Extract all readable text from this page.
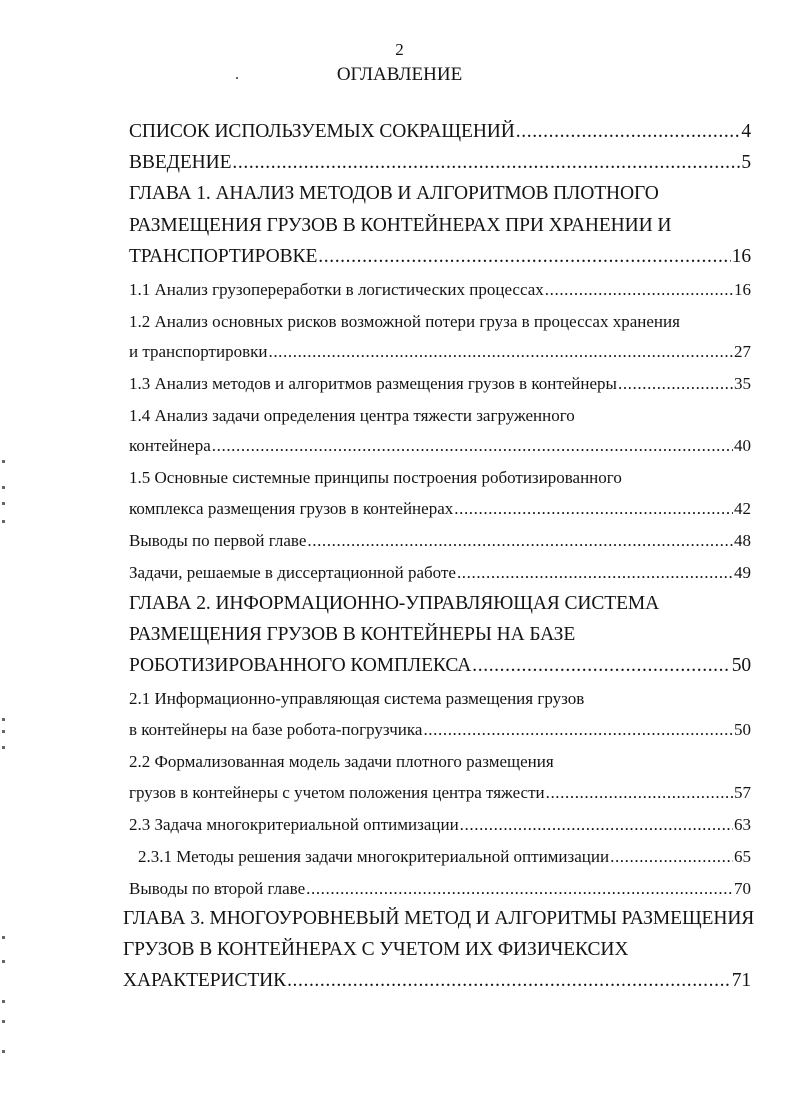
2
ОГЛАВЛЕНИЕ
СПИСОК ИСПОЛЬЗУЕМЫХ СОКРАЩЕНИЙ .....	4
ВВЕДЕНИЕ .....	5
ГЛАВА 1. АНАЛИЗ МЕТОДОВ И АЛГОРИТМОВ ПЛОТНОГО
РАЗМЕЩЕНИЯ ГРУЗОВ В КОНТЕЙНЕРАХ ПРИ ХРАНЕНИИ И
ТРАНСПОРТИРОВКЕ .....	16
1.1 Анализ грузопереработки в логистических процессах .....	16
1.2 Анализ основных рисков возможной потери груза в процессах хранения
и транспортировки .....	27
1.3 Анализ методов и алгоритмов размещения грузов в контейнеры .....	35
1.4 Анализ задачи определения центра тяжести загруженного
контейнера .....	40
1.5 Основные системные принципы построения роботизированного
комплекса размещения грузов в контейнерах .....	42
Выводы по первой главе .....	48
Задачи, решаемые в диссертационной работе .....	49
ГЛАВА 2. ИНФОРМАЦИОННО-УПРАВЛЯЮЩАЯ СИСТЕМА
РАЗМЕЩЕНИЯ ГРУЗОВ В КОНТЕЙНЕРЫ НА БАЗЕ
РОБОТИЗИРОВАННОГО КОМПЛЕКСА .....	50
2.1 Информационно-управляющая система размещения грузов
в контейнеры на базе робота-погрузчика .....	50
2.2 Формализованная модель задачи плотного размещения
грузов в контейнеры с учетом положения центра тяжести .....	57
2.3 Задача многокритериальной оптимизации .....	63
2.3.1 Методы решения задачи многокритериальной оптимизации .....	65
Выводы по второй главе .....	70
ГЛАВА 3. МНОГОУРОВНЕВЫЙ МЕТОД И АЛГОРИТМЫ РАЗМЕЩЕНИЯ
ГРУЗОВ В КОНТЕЙНЕРАХ С УЧЕТОМ ИХ ФИЗИЧЕКСИХ
ХАРАКТЕРИСТИК .....	71
